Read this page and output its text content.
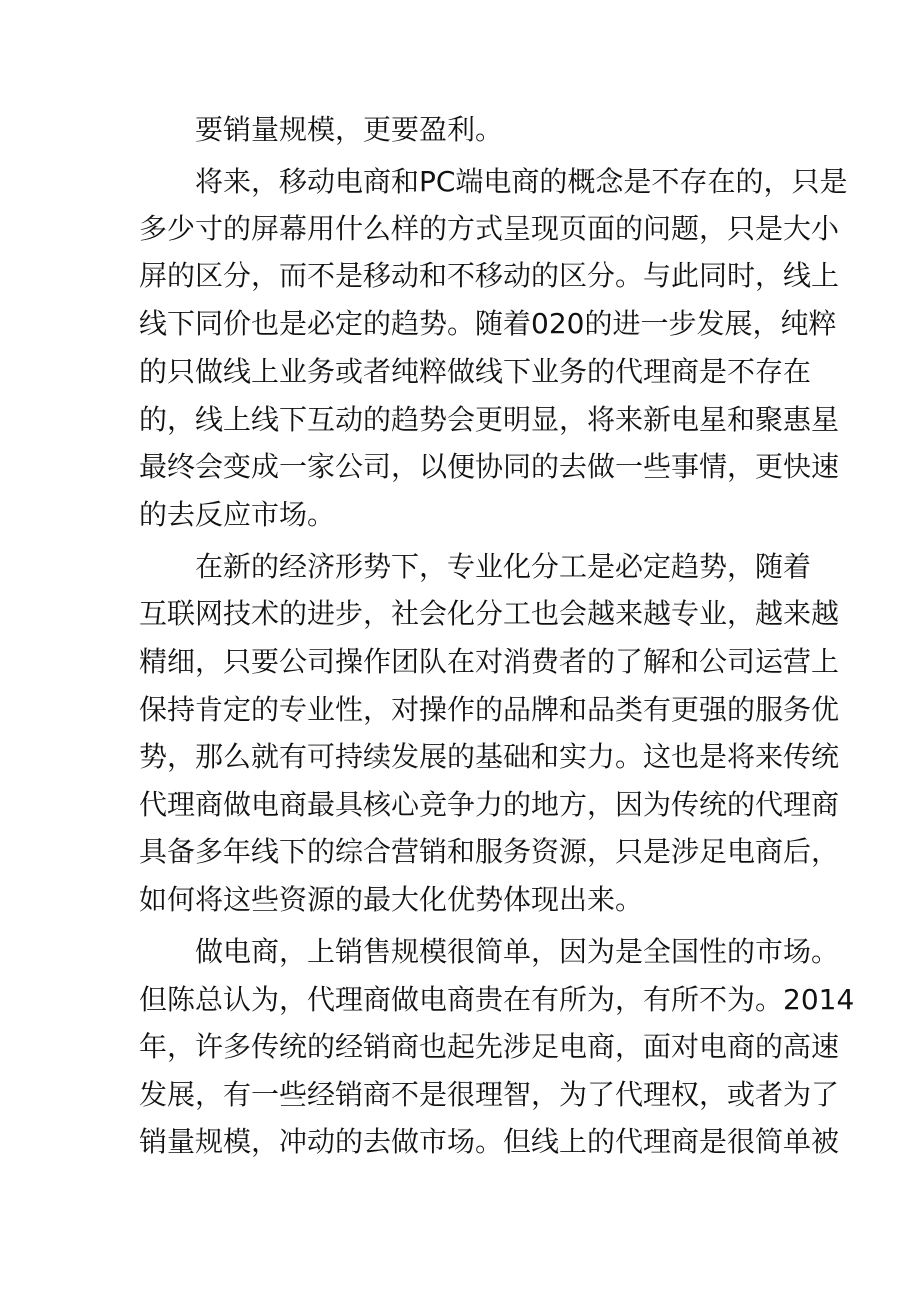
要销量规模，更要盈利。
将来，移动电商和PC端电商的概念是不存在的，只是
多少寸的屏幕用什么样的方式呈现页面的问题，只是大小
屏的区分，而不是移动和不移动的区分。与此同时，线上
线下同价也是必定的趋势。随着020的进一步发展，纯粹
的只做线上业务或者纯粹做线下业务的代理商是不存在
的，线上线下互动的趋势会更明显，将来新电星和聚惠星
最终会变成一家公司，以便协同的去做一些事情，更快速
的去反应市场。
在新的经济形势下，专业化分工是必定趋势，随着
互联网技术的进步，社会化分工也会越来越专业，越来越
精细，只要公司操作团队在对消费者的了解和公司运营上
保持肯定的专业性，对操作的品牌和品类有更强的服务优
势，那么就有可持续发展的基础和实力。这也是将来传统
代理商做电商最具核心竞争力的地方，因为传统的代理商
具备多年线下的综合营销和服务资源，只是涉足电商后，
如何将这些资源的最大化优势体现出来。
做电商，上销售规模很简单，因为是全国性的市场。
但陈总认为，代理商做电商贵在有所为，有所不为。2014
年，许多传统的经销商也起先涉足电商，面对电商的高速
发展，有一些经销商不是很理智，为了代理权，或者为了
销量规模，冲动的去做市场。但线上的代理商是很简单被
